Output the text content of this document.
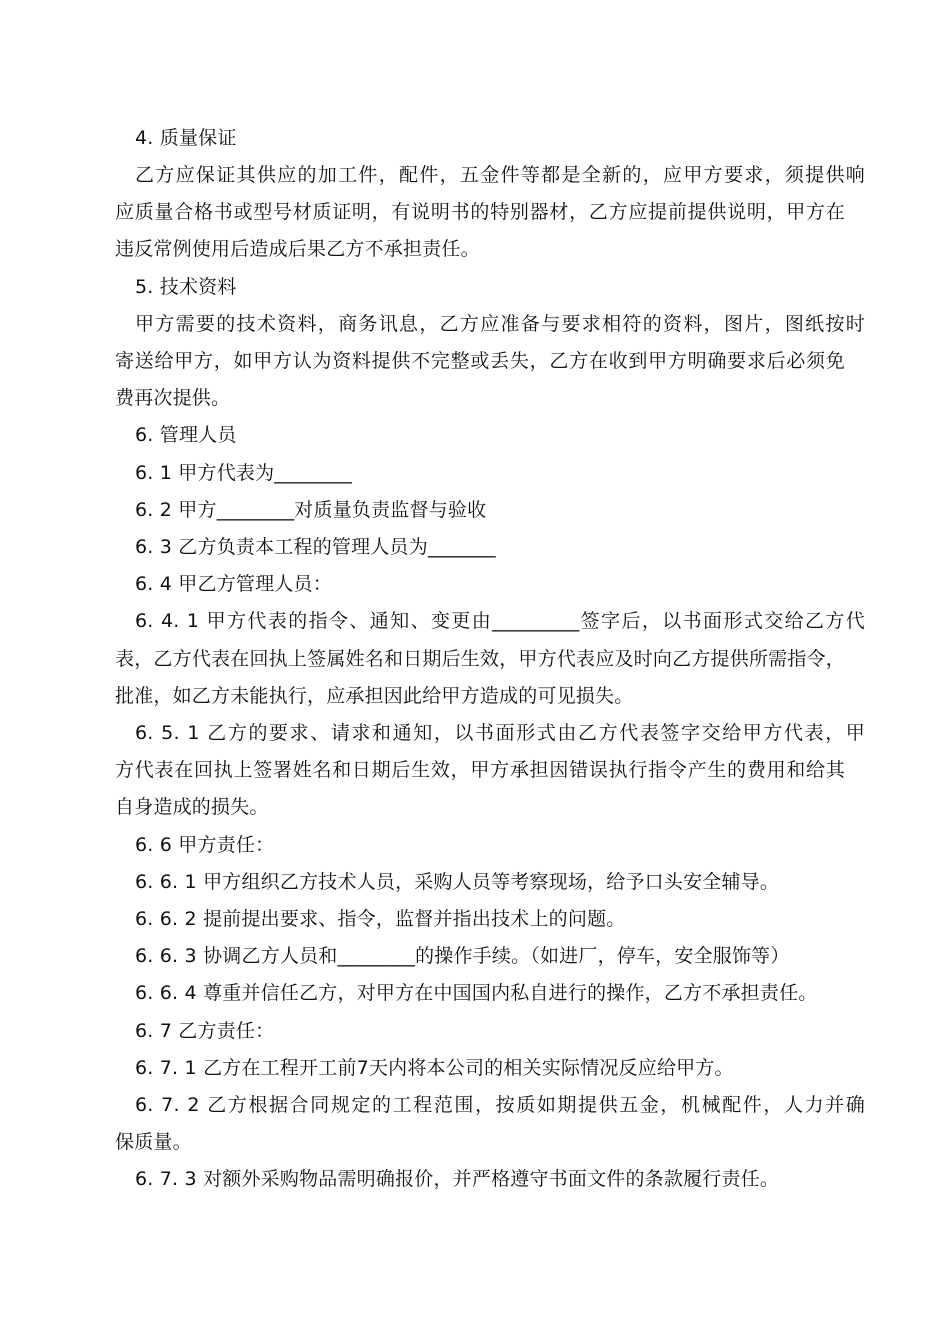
4. 质量保证
乙方应保证其供应的加工件，配件，五金件等都是全新的，应甲方要求，须提供响
应质量合格书或型号材质证明，有说明书的特别器材，乙方应提前提供说明，甲方在
违反常例使用后造成后果乙方不承担责任。
5. 技术资料
甲方需要的技术资料，商务讯息，乙方应准备与要求相符的资料，图片，图纸按时
寄送给甲方，如甲方认为资料提供不完整或丢失，乙方在收到甲方明确要求后必须免
费再次提供。
6. 管理人员
6. 1 甲方代表为________
6. 2 甲方________对质量负责监督与验收
6. 3 乙方负责本工程的管理人员为_______
6. 4 甲乙方管理人员：
6. 4. 1 甲方代表的指令、通知、变更由_________签字后，以书面形式交给乙方代
表，乙方代表在回执上签属姓名和日期后生效，甲方代表应及时向乙方提供所需指令，
批准，如乙方未能执行，应承担因此给甲方造成的可见损失。
6. 5. 1 乙方的要求、请求和通知，以书面形式由乙方代表签字交给甲方代表，甲
方代表在回执上签署姓名和日期后生效，甲方承担因错误执行指令产生的费用和给其
自身造成的损失。
6. 6 甲方责任：
6. 6. 1 甲方组织乙方技术人员，采购人员等考察现场，给予口头安全辅导。
6. 6. 2 提前提出要求、指令，监督并指出技术上的问题。
6. 6. 3 协调乙方人员和________的操作手续。（如进厂，停车，安全服饰等）
6. 6. 4 尊重并信任乙方，对甲方在中国国内私自进行的操作，乙方不承担责任。
6. 7 乙方责任：
6. 7. 1 乙方在工程开工前7天内将本公司的相关实际情况反应给甲方。
6. 7. 2 乙方根据合同规定的工程范围，按质如期提供五金，机械配件，人力并确
保质量。
6. 7. 3 对额外采购物品需明确报价，并严格遵守书面文件的条款履行责任。
